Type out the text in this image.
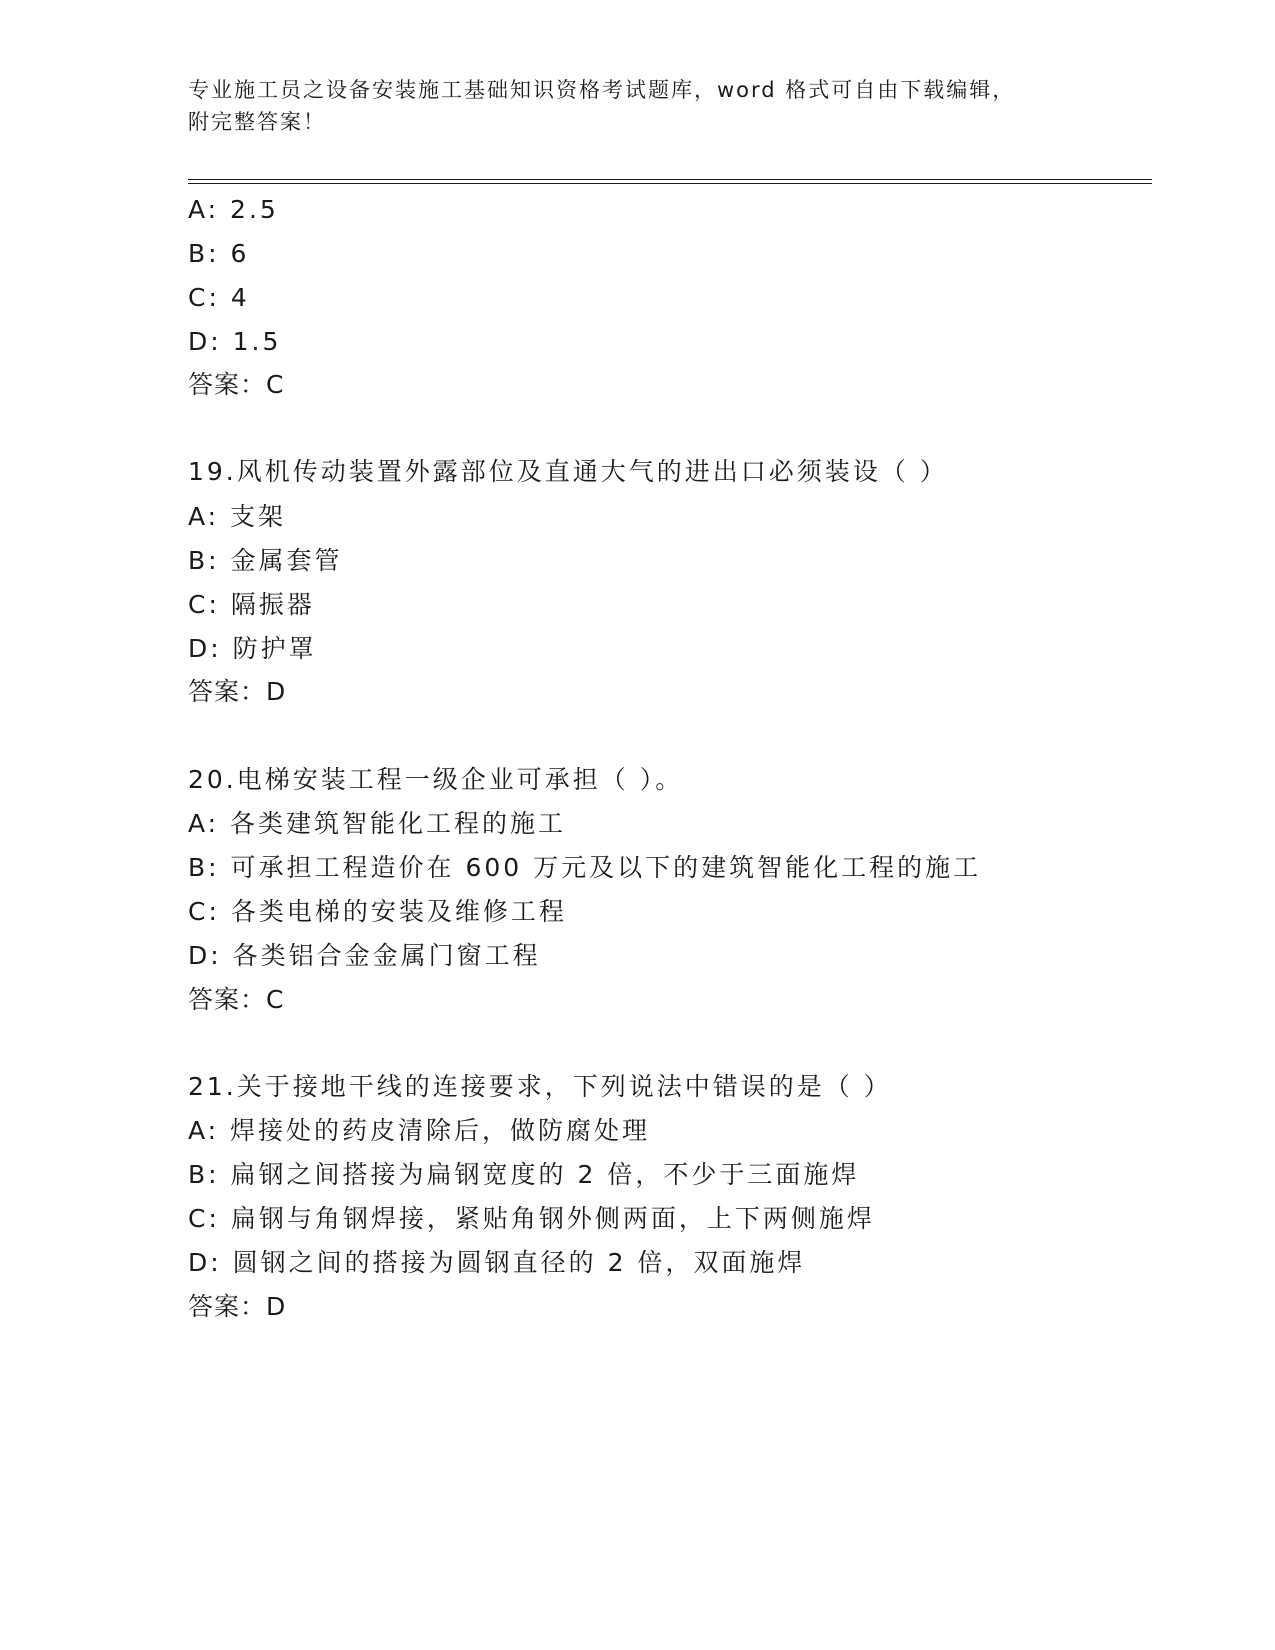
专业施工员之设备安装施工基础知识资格考试题库，word 格式可自由下载编辑，
附完整答案！
A: 2.5
B: 6
C: 4
D: 1.5
答案：C
19.风机传动装置外露部位及直通大气的进出口必须装设（ ）
A: 支架
B: 金属套管
C: 隔振器
D: 防护罩
答案：D
20.电梯安装工程一级企业可承担（ ）。
A: 各类建筑智能化工程的施工
B: 可承担工程造价在 600 万元及以下的建筑智能化工程的施工
C: 各类电梯的安装及维修工程
D: 各类铝合金金属门窗工程
答案：C
21.关于接地干线的连接要求，下列说法中错误的是（ ）
A: 焊接处的药皮清除后，做防腐处理
B: 扁钢之间搭接为扁钢宽度的 2 倍，不少于三面施焊
C: 扁钢与角钢焊接，紧贴角钢外侧两面，上下两侧施焊
D: 圆钢之间的搭接为圆钢直径的 2 倍，双面施焊
答案：D
